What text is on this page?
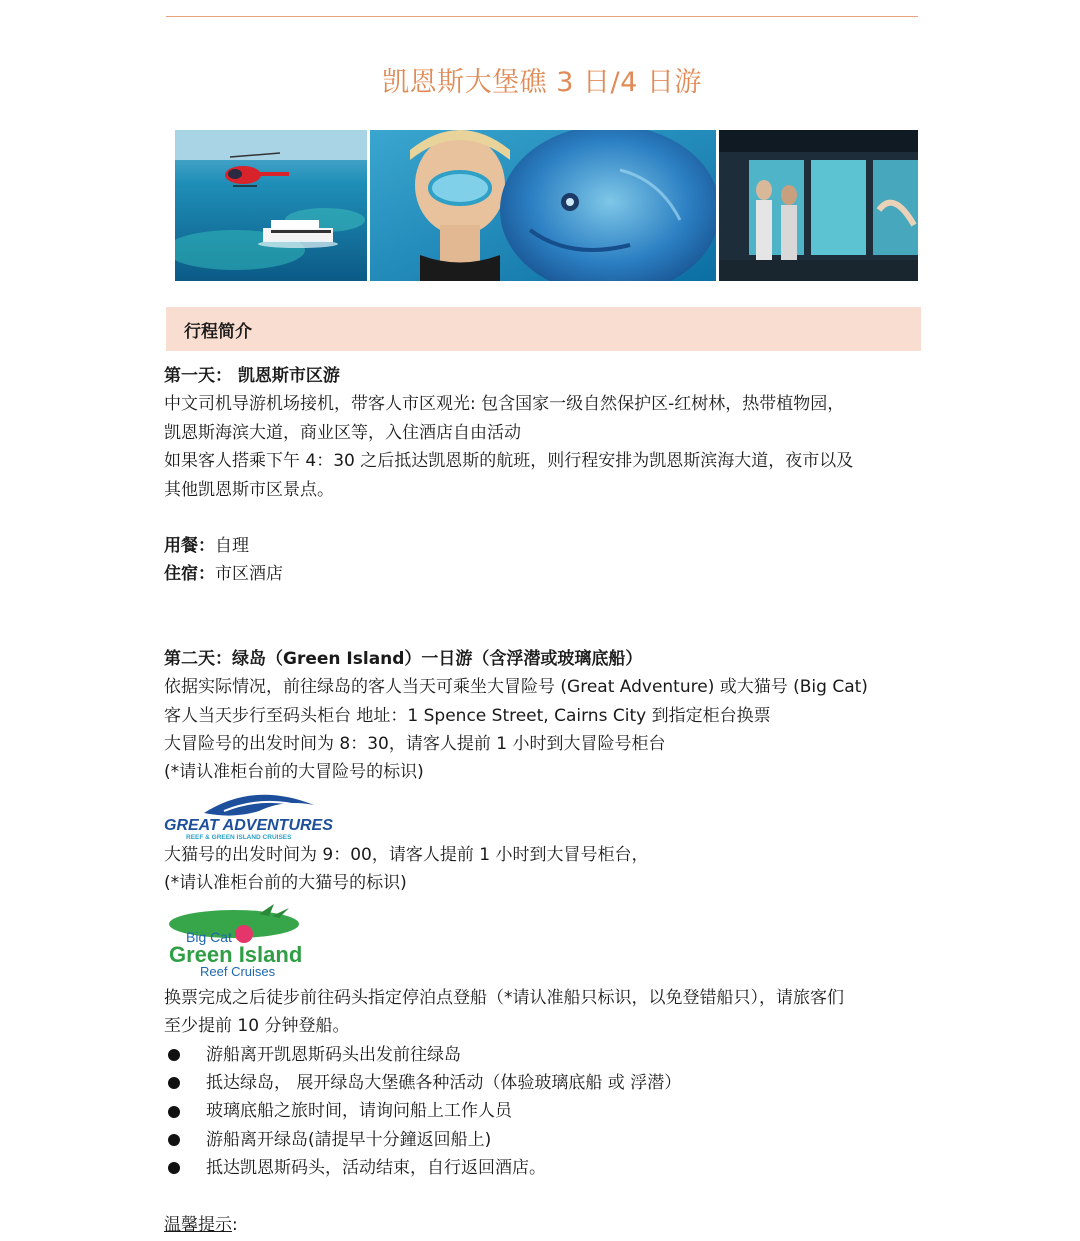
凯恩斯大堡礁 3 日/4 日游
行程简介
第一天： 凯恩斯市区游
中文司机导游机场接机，带客人市区观光: 包含国家一级自然保护区-红树林，热带植物园，
凯恩斯海滨大道，商业区等，入住酒店自由活动
如果客人搭乘下午 4：30 之后抵达凯恩斯的航班，则行程安排为凯恩斯滨海大道，夜市以及
其他凯恩斯市区景点。
用餐：自理
住宿：市区酒店
第二天：绿岛（Green Island）一日游（含浮潜或玻璃底船）
依据实际情况，前往绿岛的客人当天可乘坐大冒险号 (Great Adventure) 或大猫号 (Big Cat)
客人当天步行至码头柜台 地址：1 Spence Street, Cairns City 到指定柜台换票
大冒险号的出发时间为 8：30，请客人提前 1 小时到大冒险号柜台
(*请认准柜台前的大冒险号的标识)
GREAT ADVENTURES
REEF & GREEN ISLAND CRUISES
大猫号的出发时间为 9：00，请客人提前 1 小时到大冒号柜台，
(*请认准柜台前的大猫号的标识)
Big Cat
Green Island
Reef Cruises
换票完成之后徒步前往码头指定停泊点登船（*请认准船只标识，以免登错船只），请旅客们
至少提前 10 分钟登船。
游船离开凯恩斯码头出发前往绿岛
抵达绿岛， 展开绿岛大堡礁各种活动（体验玻璃底船 或 浮潜）
玻璃底船之旅时间，请询问船上工作人员
游船离开绿岛(請提早十分鐘返回船上)
抵达凯恩斯码头，活动结束，自行返回酒店。
温馨提示:
